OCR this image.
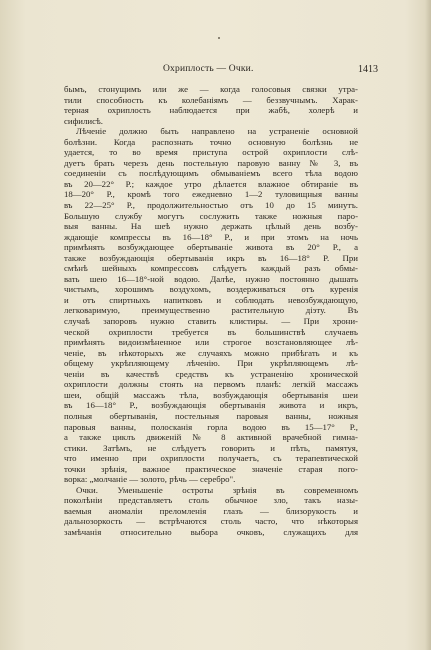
Охриплость — Очки.	1413
бымъ, стонущимъ или же — когда голосовыя связки утра-
тили способность къ колебаніямъ — беззвучнымъ. Харак-
терная охриплость наблюдается при жабѣ, холерѣ и
сифилисѣ.
Лѣченіе должно быть направлено на устраненіе основной
болѣзни. Когда распознать точно основную болѣзнь не
удается, то во время приступа острой охриплости слѣ-
дуетъ брать черезъ день постельную паровую ванну № 3, въ
соединеніи съ послѣдующимъ обмываніемъ всего тѣла водою
въ 20—22° Р.; каждое утро дѣлается влажное обтираніе въ
18—20° Р., кромѣ того ежедневно 1—2 туловищныя ванны
въ 22—25° Р., продолжительностью отъ 10 до 15 минутъ.
Большую службу могутъ сослужить также ножныя паро-
выя ванны. На шеѣ нужно держать цѣлый день возбу-
ждающіе компрессы въ 16—18° Р., и при этомъ на ночь
примѣнять возбуждающее обертываніе живота въ 20° Р., а
также возбуждающія обертыванія икръ въ 16—18° Р. При
смѣнѣ шейныхъ компрессовъ слѣдуетъ каждый разъ обмы-
вать шею 16—18°-ной водою. Далѣе, нужно постоянно дышать
чистымъ, хорошимъ воздухомъ, воздерживаться отъ куренія
и отъ спиртныхъ напитковъ и соблюдать невозбуждающую,
легковаримую, преимущественно растительную діэту. Въ
случаѣ запоровъ нужно ставить клистиры. — При хрони-
ческой охриплости требуется въ большинствѣ случаевъ
примѣнять видоизмѣненное или строгое возстановляющее лѣ-
ченіе, въ нѣкоторыхъ же случаяхъ можно прибѣгать и къ
общему укрѣпляющему лѣченію. При укрѣпляющемъ лѣ-
ченіи въ качествѣ средствъ къ устраненію хронической
охриплости должны стоять на первомъ планѣ: легкій массажъ
шеи, общій массажъ тѣла, возбуждающія обертыванія шеи
въ 16—18° Р., возбуждающія обертыванія живота и икръ,
полныя обертыванія, постельныя паровыя ванны, ножныя
паровыя ванны, полосканія горла водою въ 15—17° Р.,
а также циклъ движеній № 8 активной врачебной гимна-
стики. Затѣмъ, не слѣдуетъ говорить и пѣть, памятуя,
что именно при охриплости получаетъ, съ терапевтической
точки зрѣнія, важное практическое значеніе старая пого-
ворка: „молчаніе — золото, рѣчь — серебро".
Очки. Уменьшеніе остроты зрѣнія въ современномъ
поколѣніи представляетъ столь обычное зло, такъ назы-
ваемыя аномаліи преломленія глазъ — близорукость и
дальнозоркость — встрѣчаются столь часто, что нѣкоторыя
замѣчанія относительно выбора очковъ, служащихъ для
